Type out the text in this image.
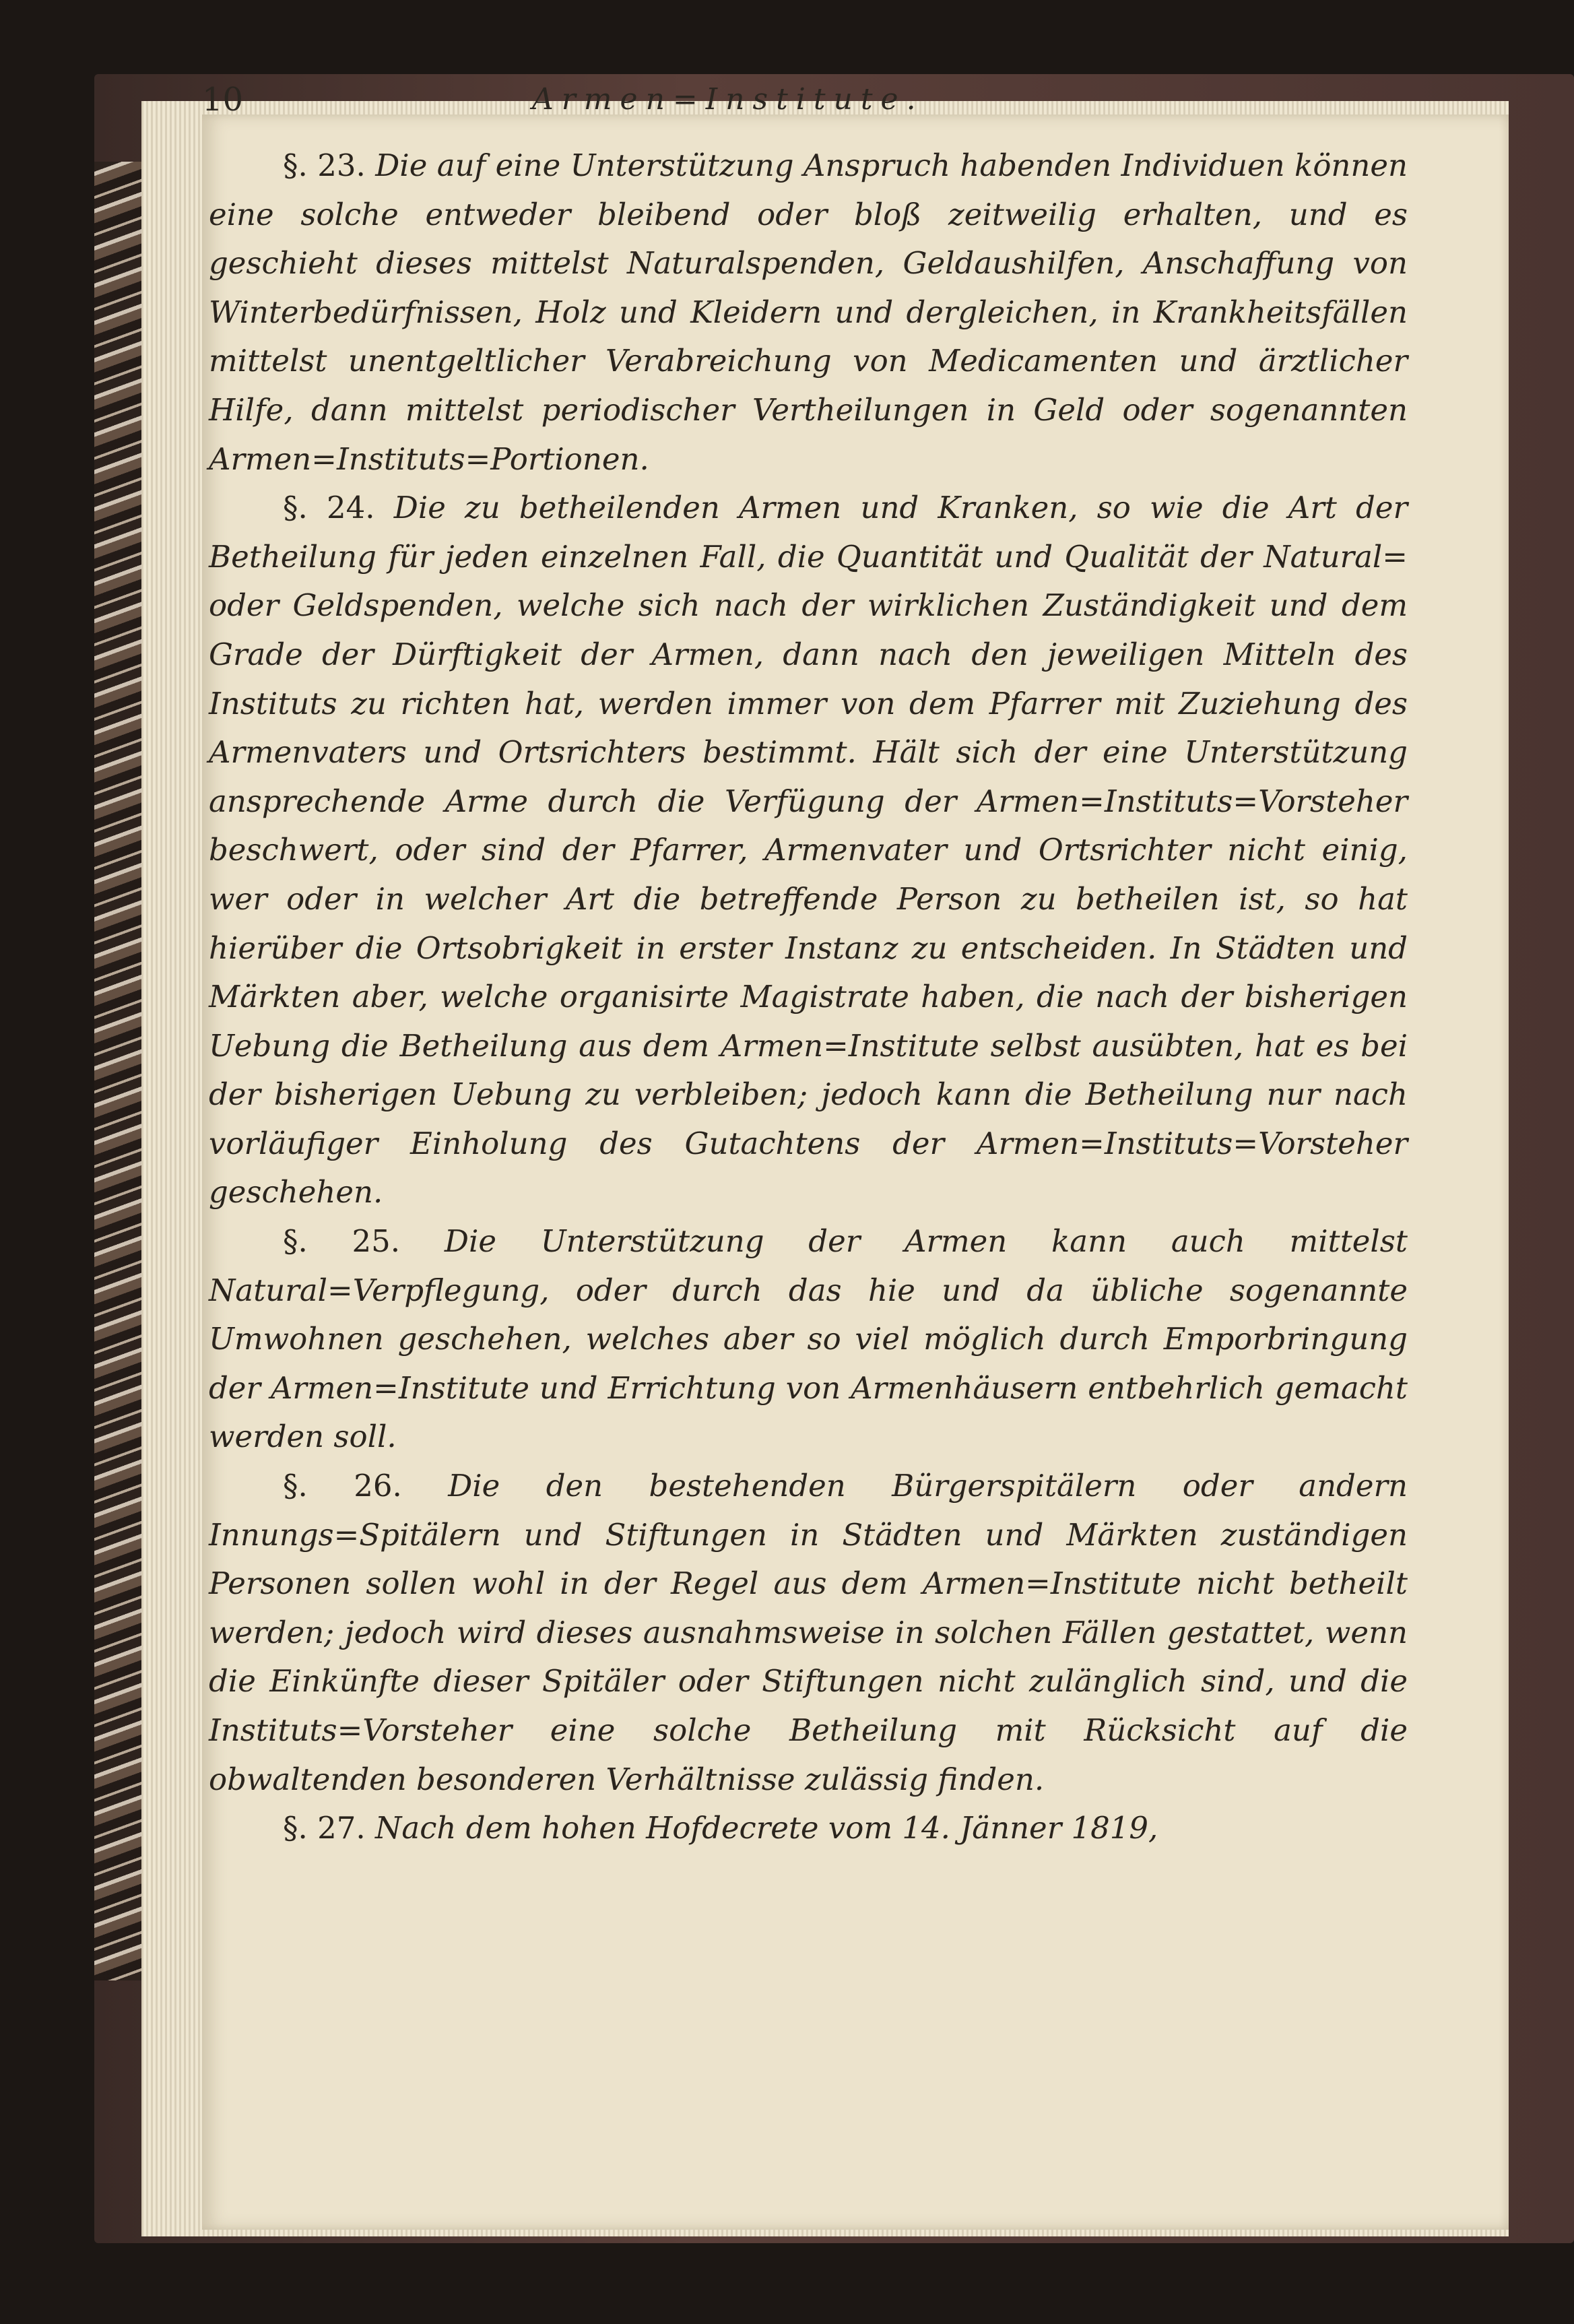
10	Armen=Institute.

§. 23. Die auf eine Unterstützung Anspruch habenden Individuen können eine solche entweder bleibend oder bloß zeitweilig erhalten, und es geschieht dieses mittelst Naturalspenden, Geldaushilfen, Anschaffung von Winterbedürfnissen, Holz und Kleidern und dergleichen, in Krankheitsfällen mittelst unentgeltlicher Verabreichung von Medicamenten und ärztlicher Hilfe, dann mittelst periodischer Vertheilungen in Geld oder sogenannten Armen=Instituts=Portionen.

§. 24. Die zu betheilenden Armen und Kranken, so wie die Art der Betheilung für jeden einzelnen Fall, die Quantität und Qualität der Natural= oder Geldspenden, welche sich nach der wirklichen Zuständigkeit und dem Grade der Dürftigkeit der Armen, dann nach den jeweiligen Mitteln des Instituts zu richten hat, werden immer von dem Pfarrer mit Zuziehung des Armenvaters und Ortsrichters bestimmt. Hält sich der eine Unterstützung ansprechende Arme durch die Verfügung der Armen=Instituts=Vorsteher beschwert, oder sind der Pfarrer, Armenvater und Ortsrichter nicht einig, wer oder in welcher Art die betreffende Person zu betheilen ist, so hat hierüber die Ortsobrigkeit in erster Instanz zu entscheiden. In Städten und Märkten aber, welche organisirte Magistrate haben, die nach der bisherigen Uebung die Betheilung aus dem Armen=Institute selbst ausübten, hat es bei der bisherigen Uebung zu verbleiben; jedoch kann die Betheilung nur nach vorläufiger Einholung des Gutachtens der Armen=Instituts=Vorsteher geschehen.

§. 25. Die Unterstützung der Armen kann auch mittelst Natural=Verpflegung, oder durch das hie und da übliche sogenannte Umwohnen geschehen, welches aber so viel möglich durch Emporbringung der Armen=Institute und Errichtung von Armenhäusern entbehrlich gemacht werden soll.

§. 26. Die den bestehenden Bürgerspitälern oder andern Innungs=Spitälern und Stiftungen in Städten und Märkten zuständigen Personen sollen wohl in der Regel aus dem Armen=Institute nicht betheilt werden; jedoch wird dieses ausnahmsweise in solchen Fällen gestattet, wenn die Einkünfte dieser Spitäler oder Stiftungen nicht zulänglich sind, und die Instituts=Vorsteher eine solche Betheilung mit Rücksicht auf die obwaltenden besonderen Verhältnisse zulässig finden.

§. 27. Nach dem hohen Hofdecrete vom 14. Jänner 1819,
